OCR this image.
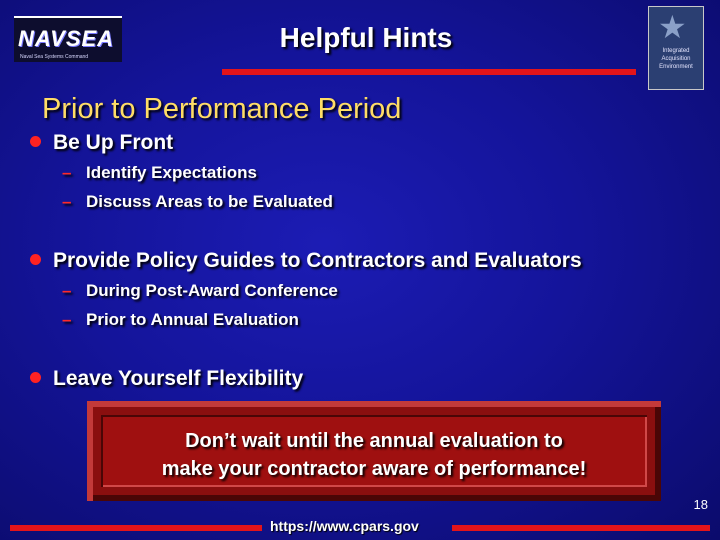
NAVSEA
Naval Sea Systems Command
Helpful Hints	★
Integrated Acquisition Environment
Prior to Performance Period
Be Up Front
– Identify Expectations
– Discuss Areas to be Evaluated
Provide Policy Guides to Contractors and Evaluators
– During Post-Award Conference
– Prior to Annual Evaluation
Leave Yourself Flexibility
Don’t wait until the annual evaluation to
make your contractor aware of performance!
18
https://www.cpars.gov
